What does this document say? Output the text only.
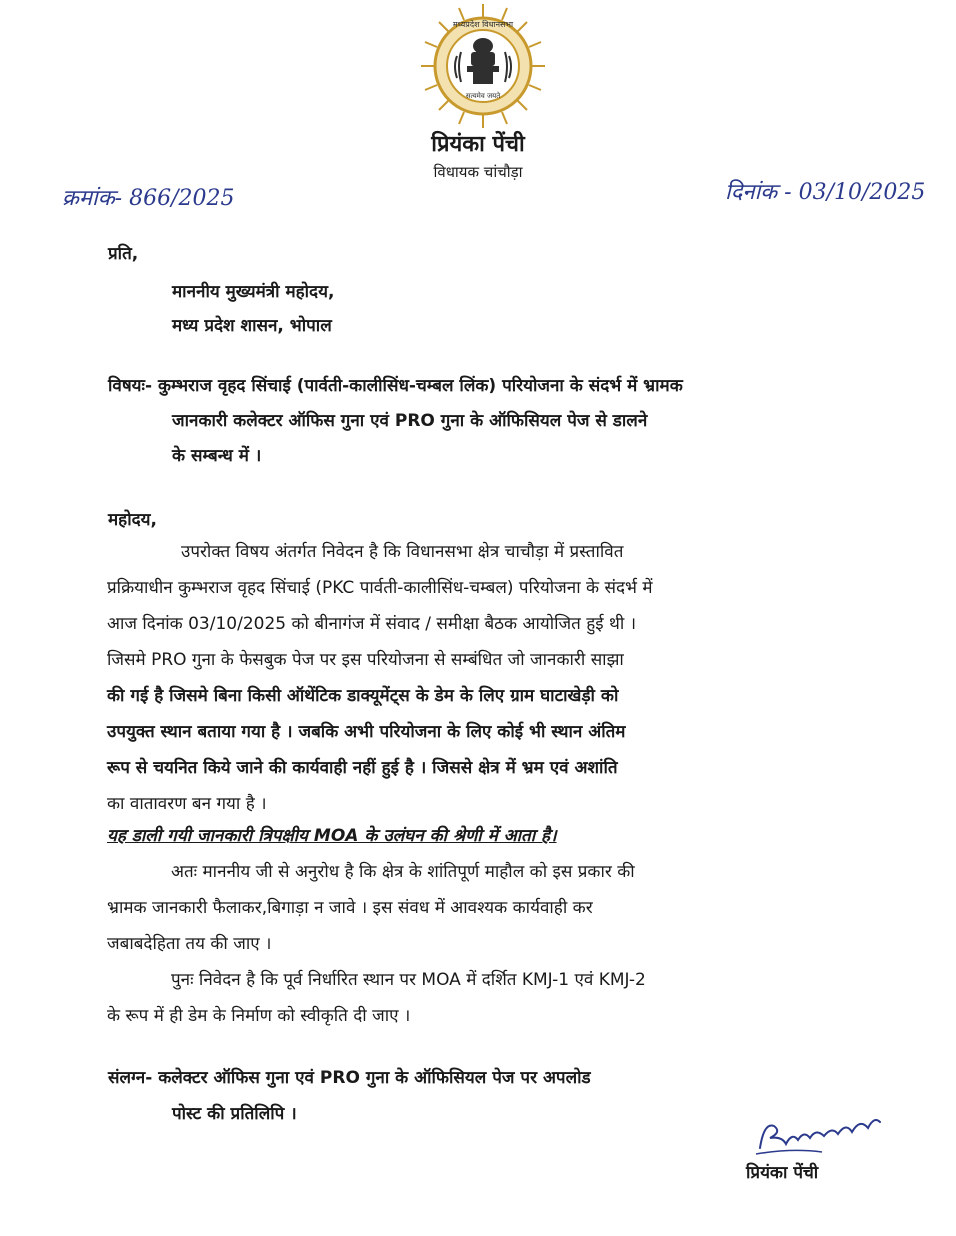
सत्यमेव जयते
मध्यप्रदेश विधानसभा
प्रियंका पेंची
विधायक चांचौड़ा
क्रमांक- 866/2025	दिनांक - 03/10/2025
प्रति,
माननीय मुख्यमंत्री महोदय,
मध्य प्रदेश शासन, भोपाल
विषयः- कुम्भराज वृहद सिंचाई (पार्वती-कालीसिंध-चम्बल लिंक) परियोजना के संदर्भ में भ्रामक
जानकारी कलेक्टर ऑफिस गुना एवं PRO गुना के ऑफिसियल पेज से डालने
के सम्बन्ध में ।
महोदय,
उपरोक्त विषय अंतर्गत निवेदन है कि विधानसभा क्षेत्र चाचौड़ा में प्रस्तावित
प्रक्रियाधीन कुम्भराज वृहद सिंचाई (PKC पार्वती-कालीसिंध-चम्बल) परियोजना के संदर्भ में
आज दिनांक 03/10/2025 को बीनागंज में संवाद / समीक्षा बैठक आयोजित हुई थी ।
जिसमे PRO गुना के फेसबुक पेज पर इस परियोजना से सम्बंधित जो जानकारी साझा
की गई है जिसमे बिना किसी ऑथेंटिक डाक्यूमेंट्स के डेम के लिए ग्राम घाटाखेड़ी को
उपयुक्त स्थान बताया गया है । जबकि अभी परियोजना के लिए कोई भी स्थान अंतिम
रूप से चयनित किये जाने की कार्यवाही नहीं हुई है । जिससे क्षेत्र में भ्रम एवं अशांति
का वातावरण बन गया है ।
यह डाली गयी जानकारी त्रिपक्षीय MOA के उलंघन की श्रेणी में आता है।
अतः माननीय जी से अनुरोध है कि क्षेत्र के शांतिपूर्ण माहौल को इस प्रकार की
भ्रामक जानकारी फैलाकर,बिगाड़ा न जावे । इस संवध में आवश्यक कार्यवाही कर
जबाबदेहिता तय की जाए ।
पुनः निवेदन है कि पूर्व निर्धारित स्थान पर MOA में दर्शित KMJ-1 एवं KMJ-2
के रूप में ही डेम के निर्माण को स्वीकृति दी जाए ।
संलग्न- कलेक्टर ऑफिस गुना एवं PRO गुना के ऑफिसियल पेज पर अपलोड
पोस्ट की प्रतिलिपि ।
प्रियंका पेंची
